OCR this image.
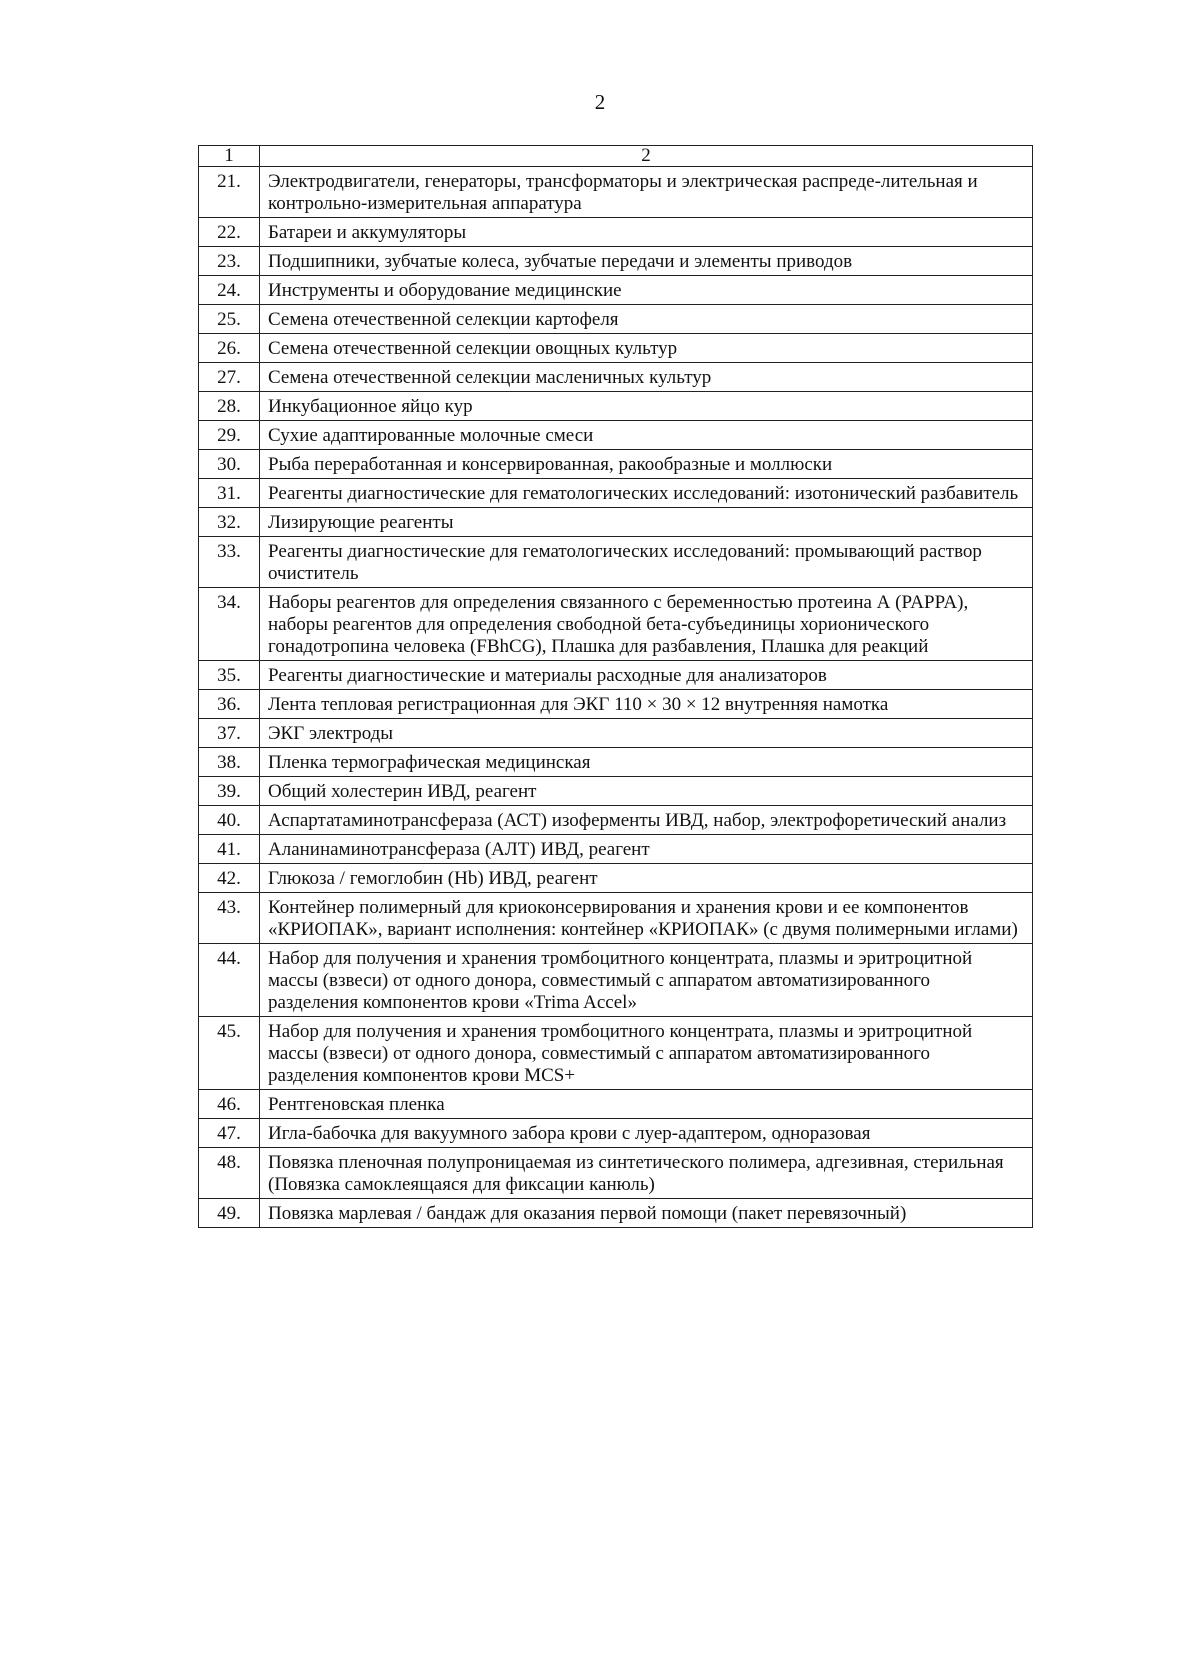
2
1	2
21.	Электродвигатели, генераторы, трансформаторы и электрическая распреде-лительная и контрольно-измерительная аппаратура
22.	Батареи и аккумуляторы
23.	Подшипники, зубчатые колеса, зубчатые передачи и элементы приводов
24.	Инструменты и оборудование медицинские
25.	Семена отечественной селекции картофеля
26.	Семена отечественной селекции овощных культур
27.	Семена отечественной селекции масленичных культур
28.	Инкубационное яйцо кур
29.	Сухие адаптированные молочные смеси
30.	Рыба переработанная и консервированная, ракообразные и моллюски
31.	Реагенты диагностические для гематологических исследований: изотонический разбавитель
32.	Лизирующие реагенты
33.	Реагенты диагностические для гематологических исследований: промывающий раствор очиститель
34.	Наборы реагентов для определения связанного с беременностью протеина А (PAPPA), наборы реагентов для определения свободной бета-субъединицы хорионического гонадотропина человека (FBhCG), Плашка для разбавления, Плашка для реакций
35.	Реагенты диагностические и материалы расходные для анализаторов
36.	Лента тепловая регистрационная для ЭКГ 110 × 30 × 12 внутренняя намотка
37.	ЭКГ электроды
38.	Пленка термографическая медицинская
39.	Общий холестерин ИВД, реагент
40.	Аспартатаминотрансфераза (АСТ) изоферменты ИВД, набор, электрофоретический анализ
41.	Аланинаминотрансфераза (АЛТ) ИВД, реагент
42.	Глюкоза / гемоглобин (Hb) ИВД, реагент
43.	Контейнер полимерный для криоконсервирования и хранения крови и ее компонентов «КРИОПАК», вариант исполнения: контейнер «КРИОПАК» (с двумя полимерными иглами)
44.	Набор для получения и хранения тромбоцитного концентрата, плазмы и эритроцитной массы (взвеси) от одного донора, совместимый с аппаратом автоматизированного разделения компонентов крови «Trima Accel»
45.	Набор для получения и хранения тромбоцитного концентрата, плазмы и эритроцитной массы (взвеси) от одного донора, совместимый с аппаратом автоматизированного разделения компонентов крови MCS+
46.	Рентгеновская пленка
47.	Игла-бабочка для вакуумного забора крови с луер-адаптером, одноразовая
48.	Повязка пленочная полупроницаемая из синтетического полимера, адгезивная, стерильная (Повязка самоклеящаяся для фиксации канюль)
49.	Повязка марлевая / бандаж для оказания первой помощи (пакет перевязочный)
